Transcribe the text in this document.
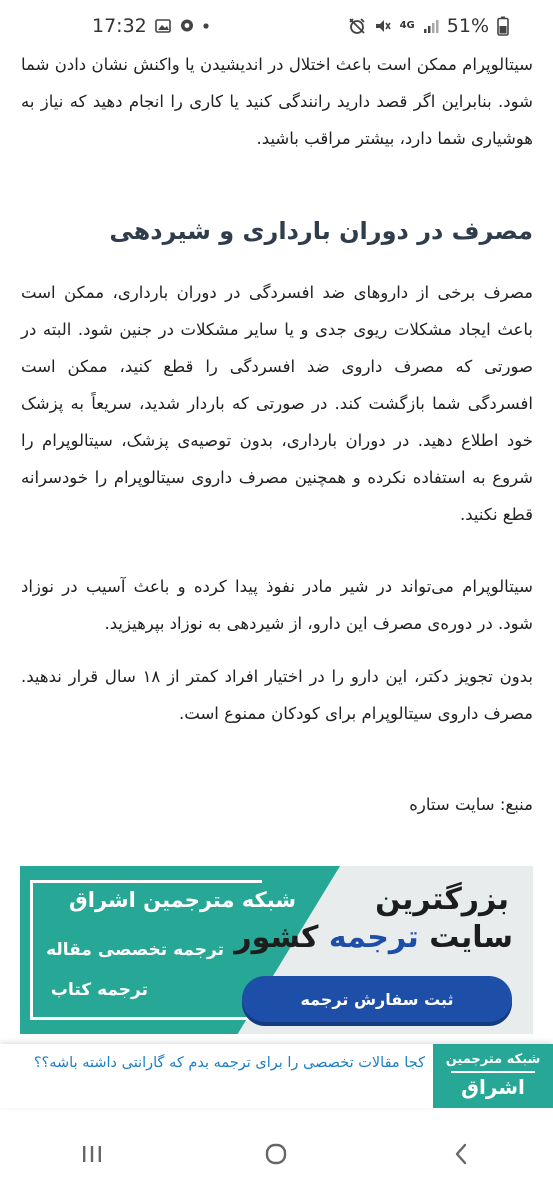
17:32	4G 51%

سیتالوپرام ممکن است باعث اختلال در اندیشیدن یا واکنش نشان دادن شما شود. بنابراین اگر قصد دارید رانندگی کنید یا کاری را انجام دهید که نیاز به هوشیاری شما دارد، بیشتر مراقب باشید.

مصرف در دوران بارداری و شیردهی

مصرف برخی از داروهای ضد افسردگی در دوران بارداری، ممکن است باعث ایجاد مشکلات ریوی جدی و یا سایر مشکلات در جنین شود. البته در صورتی که مصرف داروی ضد افسردگی را قطع کنید، ممکن است افسردگی شما بازگشت کند. در صورتی که باردار شدید، سریعاً به پزشک خود اطلاع دهید. در دوران بارداری، بدون توصیه‌ی پزشک، سیتالوپرام را شروع به استفاده نکرده و همچنین مصرف داروی سیتالوپرام را خودسرانه قطع نکنید.

سیتالوپرام می‌تواند در شیر مادر نفوذ پیدا کرده و باعث آسیب در نوزاد شود. در دوره‌ی مصرف این دارو، از شیردهی به نوزاد بپرهیزید.

بدون تجویز دکتر، این دارو را در اختیار افراد کمتر از ۱۸ سال قرار ندهید. مصرف داروی سیتالوپرام برای کودکان ممنوع است.

منبع: سایت ستاره

شبکه مترجمین اشراق
ترجمه تخصصی مقاله
ترجمه کتاب
بزرگترین
سایت ترجمه کشور
ثبت سفارش ترجمه
شبکه مترجمین
اشراق
کجا مقالات تخصصی را برای ترجمه بدم که گارانتی داشته باشه؟؟
